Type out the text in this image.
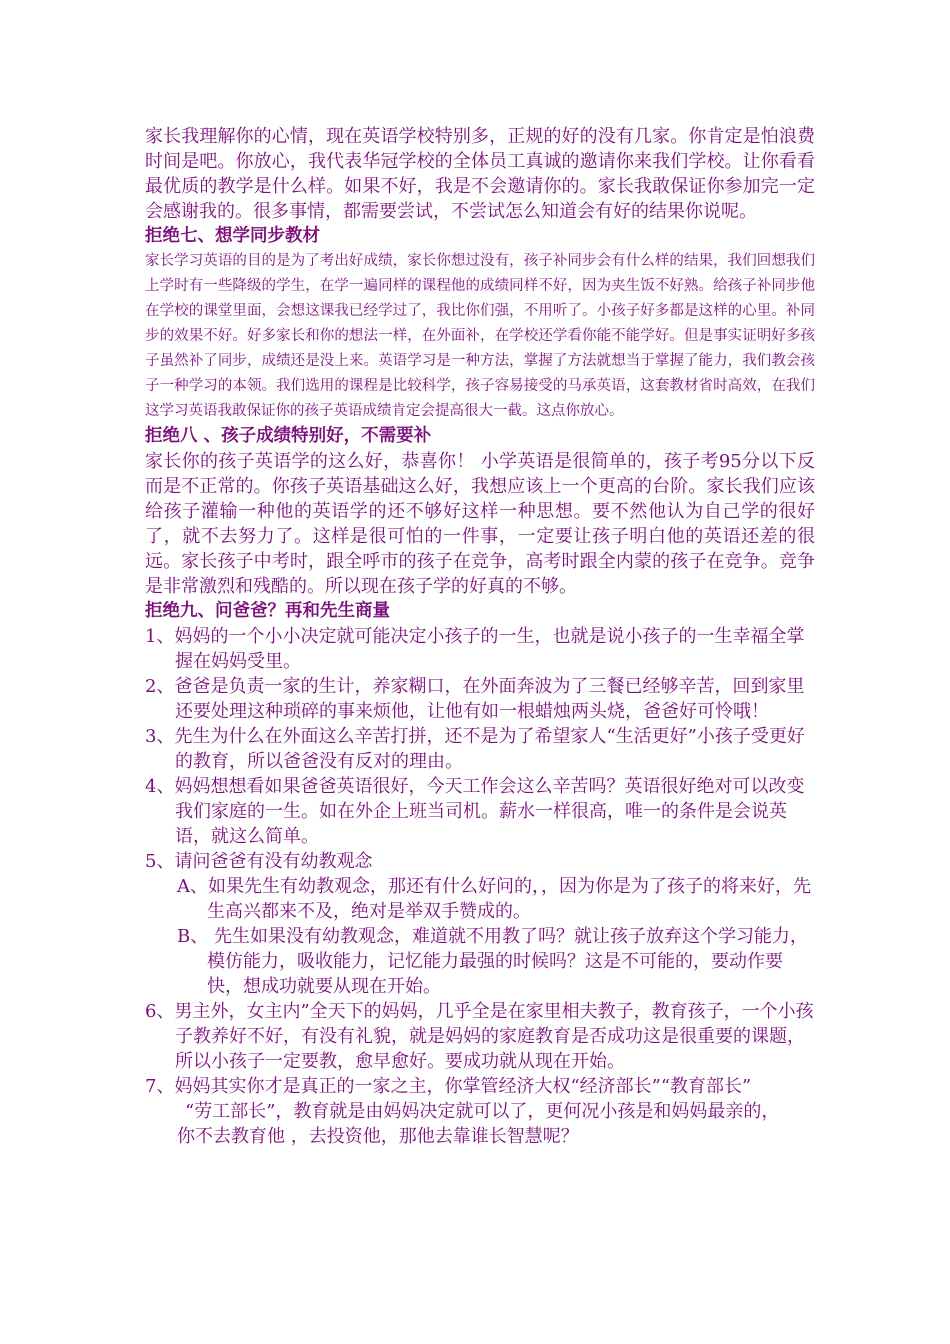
家长我理解你的心情，现在英语学校特别多，正规的好的没有几家。你肯定是怕浪费时间是吧。你放心，我代表华冠学校的全体员工真诚的邀请你来我们学校。让你看看最优质的教学是什么样。如果不好，我是不会邀请你的。家长我敢保证你参加完一定会感谢我的。很多事情，都需要尝试，不尝试怎么知道会有好的结果你说呢。

拒绝七、想学同步教材

家长学习英语的目的是为了考出好成绩，家长你想过没有，孩子补同步会有什么样的结果，我们回想我们上学时有一些降级的学生，在学一遍同样的课程他的成绩同样不好，因为夹生饭不好熟。给孩子补同步他在学校的课堂里面，会想这课我已经学过了，我比你们强，不用听了。小孩子好多都是这样的心里。补同步的效果不好。好多家长和你的想法一样，在外面补，在学校还学看你能不能学好。但是事实证明好多孩子虽然补了同步，成绩还是没上来。英语学习是一种方法，掌握了方法就想当于掌握了能力，我们教会孩子一种学习的本领。我们选用的课程是比较科学，孩子容易接受的马承英语，这套教材省时高效，在我们这学习英语我敢保证你的孩子英语成绩肯定会提高很大一截。这点你放心。

拒绝八 、孩子成绩特别好，不需要补

家长你的孩子英语学的这么好，恭喜你！ 小学英语是很简单的，孩子考95分以下反而是不正常的。你孩子英语基础这么好，我想应该上一个更高的台阶。家长我们应该给孩子灌输一种他的英语学的还不够好这样一种思想。要不然他认为自己学的很好了，就不去努力了。这样是很可怕的一件事，一定要让孩子明白他的英语还差的很远。家长孩子中考时，跟全呼市的孩子在竞争，高考时跟全内蒙的孩子在竞争。竞争是非常激烈和残酷的。所以现在孩子学的好真的不够。

拒绝九、问爸爸？再和先生商量

1、妈妈的一个小小决定就可能决定小孩子的一生，也就是说小孩子的一生幸福全掌握在妈妈受里。

2、爸爸是负责一家的生计，养家糊口，在外面奔波为了三餐已经够辛苦，回到家里还要处理这种琐碎的事来烦他，让他有如一根蜡烛两头烧，爸爸好可怜哦！

3、先生为什么在外面这么辛苦打拼，还不是为了希望家人“生活更好”小孩子受更好的教育，所以爸爸没有反对的理由。

4、妈妈想想看如果爸爸英语很好，今天工作会这么辛苦吗？英语很好绝对可以改变我们家庭的一生。如在外企上班当司机。薪水一样很高，唯一的条件是会说英语，就这么简单。

5、请问爸爸有没有幼教观念

A、如果先生有幼教观念，那还有什么好问的，，因为你是为了孩子的将来好，先生高兴都来不及，绝对是举双手赞成的。

B、 先生如果没有幼教观念，难道就不用教了吗？就让孩子放弃这个学习能力，模仿能力，吸收能力，记忆能力最强的时候吗？这是不可能的，要动作要快，想成功就要从现在开始。

6、男主外，女主内”全天下的妈妈，几乎全是在家里相夫教子，教育孩子，一个小孩子教养好不好，有没有礼貌，就是妈妈的家庭教育是否成功这是很重要的课题，所以小孩子一定要教，愈早愈好。要成功就从现在开始。

7、妈妈其实你才是真正的一家之主，你掌管经济大权“经济部长”“教育部长”

“劳工部长”，教育就是由妈妈决定就可以了，更何况小孩是和妈妈最亲的，
你不去教育他 ，去投资他，那他去靠谁长智慧呢？
